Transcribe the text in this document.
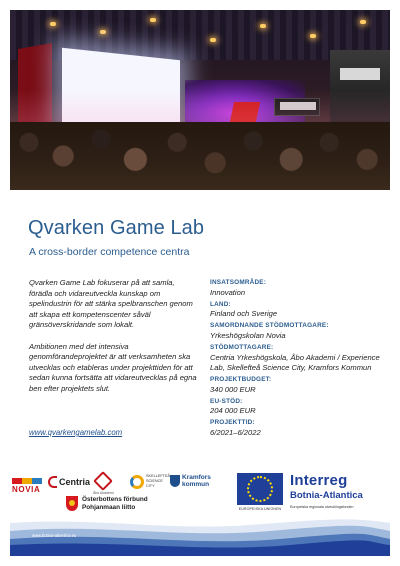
Qvarken Game Lab
A cross-border competence centra

Qvarken Game Lab fokuserar på att samla, förädla och vidareutveckla kunskap om spelindustrin för att stärka spelbranschen genom att skapa ett kompetenscenter såväl gränsöverskridande som lokalt.

Ambitionen med det intensiva genomförandeprojektet är att verksamheten ska utvecklas och etableras under projekttiden för att sedan kunna fortsätta att vidareutvecklas på egna ben efter projektets slut.

www.qvarkengamelab.com
INSATSOMRÅDE:
Innovation
LAND:
Finland och Sverige
SAMORDNANDE STÖDMOTTAGARE:
Yrkeshögskolan Novia
STÖDMOTTAGARE:
Centria Yrkeshögskola, Åbo Akademi / Experience Lab, Skellefteå Science City, Kramfors Kommun
PROJEKTBUDGET:
340 000 EUR
EU-STÖD:
204 000 EUR
PROJEKTTID:
6/2021–6/2022
NOVIA
Centria
Åbo Akademi
SKELLEFTEÅ SCIENCE CITY
Kramfors
kommun
Österbottens förbund
Pohjanmaan liitto	EUROPEISKA UNIONEN
Interreg
Botnia-Atlantica
Europeiska regionala utvecklingsfonden
www.botnia-atlantica.eu
